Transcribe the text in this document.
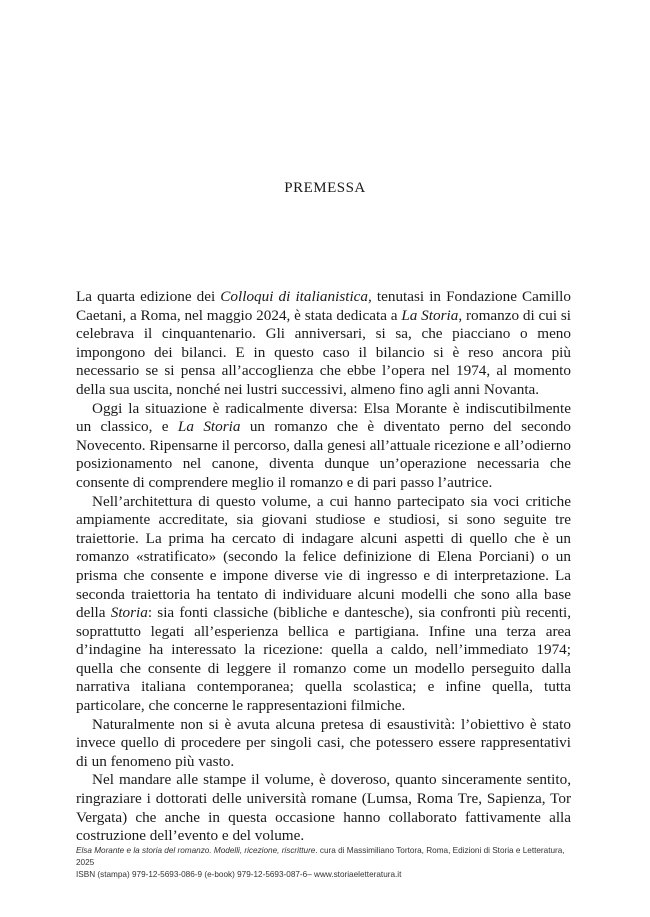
PREMESSA

La quarta edizione dei Colloqui di italianistica, tenutasi in Fondazione Camillo Caetani, a Roma, nel maggio 2024, è stata dedicata a La Storia, romanzo di cui si celebrava il cinquantenario. Gli anniversari, si sa, che piacciano o meno impongono dei bilanci. E in questo caso il bilancio si è reso ancora più necessario se si pensa all’accoglienza che ebbe l’opera nel 1974, al momento della sua uscita, nonché nei lustri successivi, almeno fino agli anni Novanta.

Oggi la situazione è radicalmente diversa: Elsa Morante è indiscutibilmente un classico, e La Storia un romanzo che è diventato perno del secondo Novecento. Ripensarne il percorso, dalla genesi all’attuale ricezione e all’odierno posizionamento nel canone, diventa dunque un’operazione necessaria che consente di comprendere meglio il romanzo e di pari passo l’autrice.

Nell’architettura di questo volume, a cui hanno partecipato sia voci critiche ampiamente accreditate, sia giovani studiose e studiosi, si sono seguite tre traiettorie. La prima ha cercato di indagare alcuni aspetti di quello che è un romanzo «stratificato» (secondo la felice definizione di Elena Porciani) o un prisma che consente e impone diverse vie di ingresso e di interpretazione. La seconda traiettoria ha tentato di individuare alcuni modelli che sono alla base della Storia: sia fonti classiche (bibliche e dantesche), sia confronti più recenti, soprattutto legati all’esperienza bellica e partigiana. Infine una terza area d’indagine ha interessato la ricezione: quella a caldo, nell’immediato 1974; quella che consente di leggere il romanzo come un modello perseguito dalla narrativa italiana contemporanea; quella scolastica; e infine quella, tutta particolare, che concerne le rappresentazioni filmiche.

Naturalmente non si è avuta alcuna pretesa di esaustività: l’obiettivo è stato invece quello di procedere per singoli casi, che potessero essere rappresentativi di un fenomeno più vasto.

Nel mandare alle stampe il volume, è doveroso, quanto sinceramente sentito, ringraziare i dottorati delle università romane (Lumsa, Roma Tre, Sapienza, Tor Vergata) che anche in questa occasione hanno collaborato fattivamente alla costruzione dell’evento e del volume.

Elsa Morante e la storia del romanzo. Modelli, ricezione, riscritture. cura di Massimiliano Tortora, Roma, Edizioni di Storia e Letteratura, 2025

ISBN (stampa) 979-12-5693-086-9 (e-book) 979-12-5693-087-6– www.storiaeletteratura.it
